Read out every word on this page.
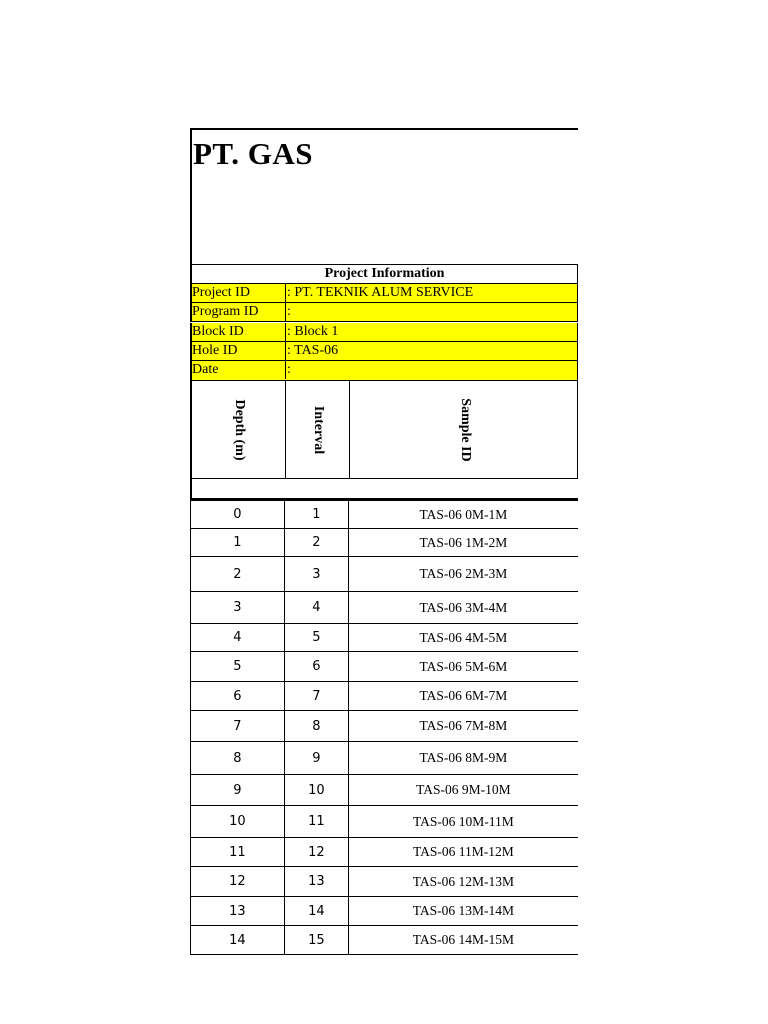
PT. GAS
Project Information
Project ID	: PT. TEKNIK ALUM SERVICE
Program ID	:
Block ID	: Block 1
Hole ID	: TAS-06
Date	:
Depth (m)	Interval	Sample ID
0	1	TAS-06 0M-1M
1	2	TAS-06 1M-2M
2	3	TAS-06 2M-3M
3	4	TAS-06 3M-4M
4	5	TAS-06 4M-5M
5	6	TAS-06 5M-6M
6	7	TAS-06 6M-7M
7	8	TAS-06 7M-8M
8	9	TAS-06 8M-9M
9	10	TAS-06 9M-10M
10	11	TAS-06 10M-11M
11	12	TAS-06 11M-12M
12	13	TAS-06 12M-13M
13	14	TAS-06 13M-14M
14	15	TAS-06 14M-15M
